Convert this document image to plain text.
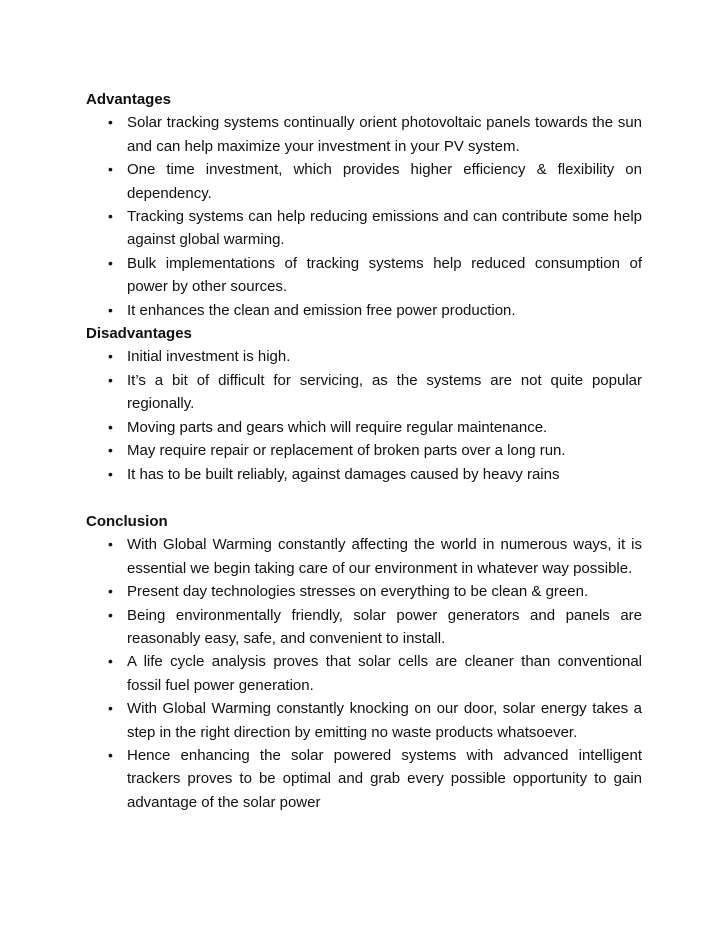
Advantages

• Solar tracking systems continually orient photovoltaic panels towards the sun and can help maximize your investment in your PV system.
• One time investment, which provides higher efficiency & flexibility on dependency.
• Tracking systems can help reducing emissions and can contribute some help against global warming.
• Bulk implementations of tracking systems help reduced consumption of power by other sources.
• It enhances the clean and emission free power production.

Disadvantages

• Initial investment is high.
• It’s a bit of difficult for servicing, as the systems are not quite popular regionally.
• Moving parts and gears which will require regular maintenance.
• May require repair or replacement of broken parts over a long run.
• It has to be built reliably, against damages caused by heavy rains

Conclusion

• With Global Warming constantly affecting the world in numerous ways, it is essential we begin taking care of our environment in whatever way possible.
• Present day technologies stresses on everything to be clean & green.
• Being environmentally friendly, solar power generators and panels are reasonably easy, safe, and convenient to install.
• A life cycle analysis proves that solar cells are cleaner than conventional fossil fuel power generation.
• With Global Warming constantly knocking on our door, solar energy takes a step in the right direction by emitting no waste products whatsoever.
• Hence enhancing the solar powered systems with advanced intelligent trackers proves to be optimal and grab every possible opportunity to gain advantage of the solar power
